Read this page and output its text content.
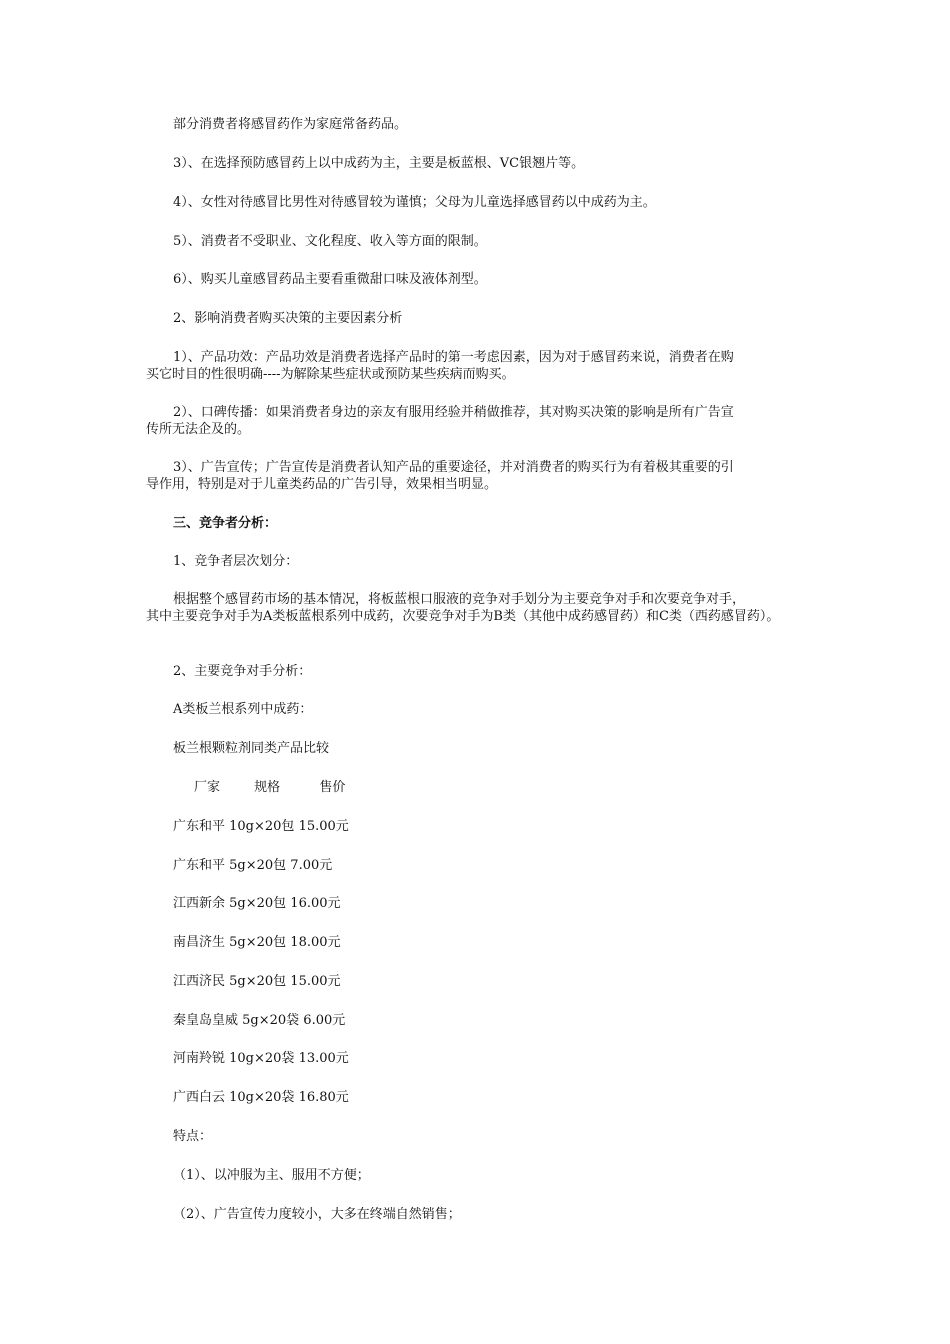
部分消费者将感冒药作为家庭常备药品。
3）、在选择预防感冒药上以中成药为主，主要是板蓝根、VC银翘片等。
4）、女性对待感冒比男性对待感冒较为谨慎；父母为儿童选择感冒药以中成药为主。
5）、消费者不受职业、文化程度、收入等方面的限制。
6）、购买儿童感冒药品主要看重微甜口味及液体剂型。
2、影响消费者购买决策的主要因素分析
1）、产品功效：产品功效是消费者选择产品时的第一考虑因素，因为对于感冒药来说，消费者在购
买它时目的性很明确----为解除某些症状或预防某些疾病而购买。
2）、口碑传播：如果消费者身边的亲友有服用经验并稍做推荐，其对购买决策的影响是所有广告宣
传所无法企及的。
3）、广告宣传；广告宣传是消费者认知产品的重要途径，并对消费者的购买行为有着极其重要的引
导作用，特别是对于儿童类药品的广告引导，效果相当明显。
三、竞争者分析：
1、竞争者层次划分：
根据整个感冒药市场的基本情况，将板蓝根口服液的竞争对手划分为主要竞争对手和次要竞争对手，
其中主要竞争对手为A类板蓝根系列中成药，次要竞争对手为B类（其他中成药感冒药）和C类（西药感冒药）。
2、主要竞争对手分析：
A类板兰根系列中成药：
板兰根颗粒剂同类产品比较
厂家	规格	售价
广东和平 10g×20包 15.00元
广东和平 5g×20包 7.00元
江西新余 5g×20包 16.00元
南昌济生 5g×20包 18.00元
江西济民 5g×20包 15.00元
秦皇岛皇威 5g×20袋 6.00元
河南羚锐 10g×20袋 13.00元
广西白云 10g×20袋 16.80元
特点：
（1）、以冲服为主、服用不方便；
（2）、广告宣传力度较小，大多在终端自然销售；
